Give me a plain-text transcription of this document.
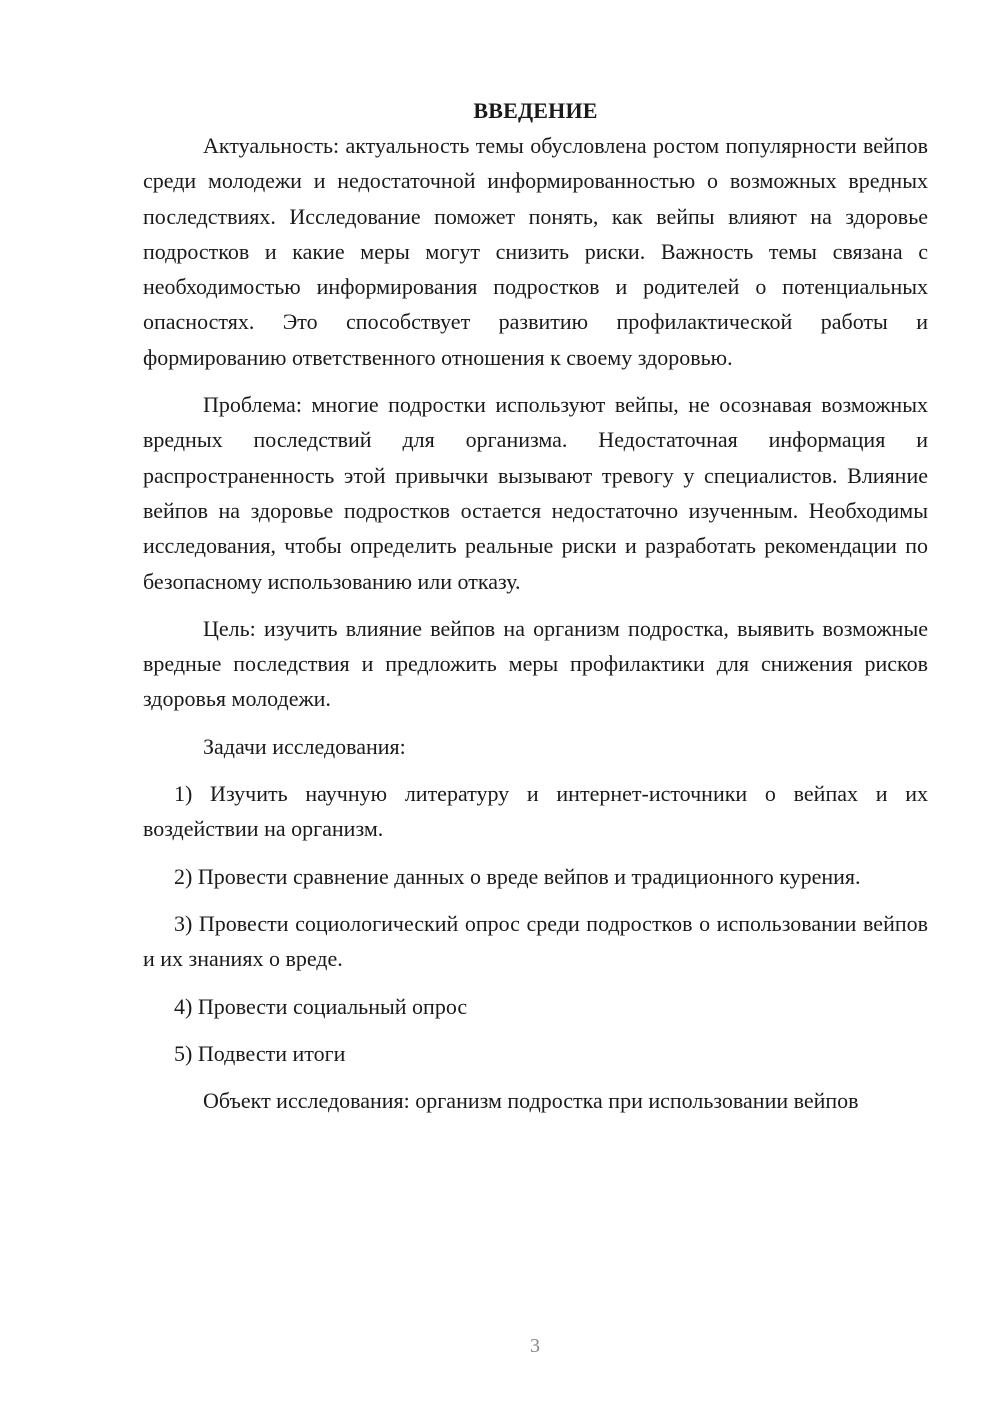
ВВЕДЕНИЕ

Актуальность: актуальность темы обусловлена ростом популярности вейпов среди молодежи и недостаточной информированностью о возможных вредных последствиях. Исследование поможет понять, как вейпы влияют на здоровье подростков и какие меры могут снизить риски. Важность темы связана с необходимостью информирования подростков и родителей о потенциальных опасностях. Это способствует развитию профилактической работы и формированию ответственного отношения к своему здоровью.

Проблема: многие подростки используют вейпы, не осознавая возможных вредных последствий для организма. Недостаточная информация и распространенность этой привычки вызывают тревогу у специалистов. Влияние вейпов на здоровье подростков остается недостаточно изученным. Необходимы исследования, чтобы определить реальные риски и разработать рекомендации по безопасному использованию или отказу.

Цель: изучить влияние вейпов на организм подростка, выявить возможные вредные последствия и предложить меры профилактики для снижения рисков здоровья молодежи.

Задачи исследования:

1) Изучить научную литературу и интернет-источники о вейпах и их воздействии на организм.

2) Провести сравнение данных о вреде вейпов и традиционного курения.

3) Провести социологический опрос среди подростков о использовании вейпов и их знаниях о вреде.

4) Провести социальный опрос

5) Подвести итоги

Объект исследования: организм подростка при использовании вейпов

3
